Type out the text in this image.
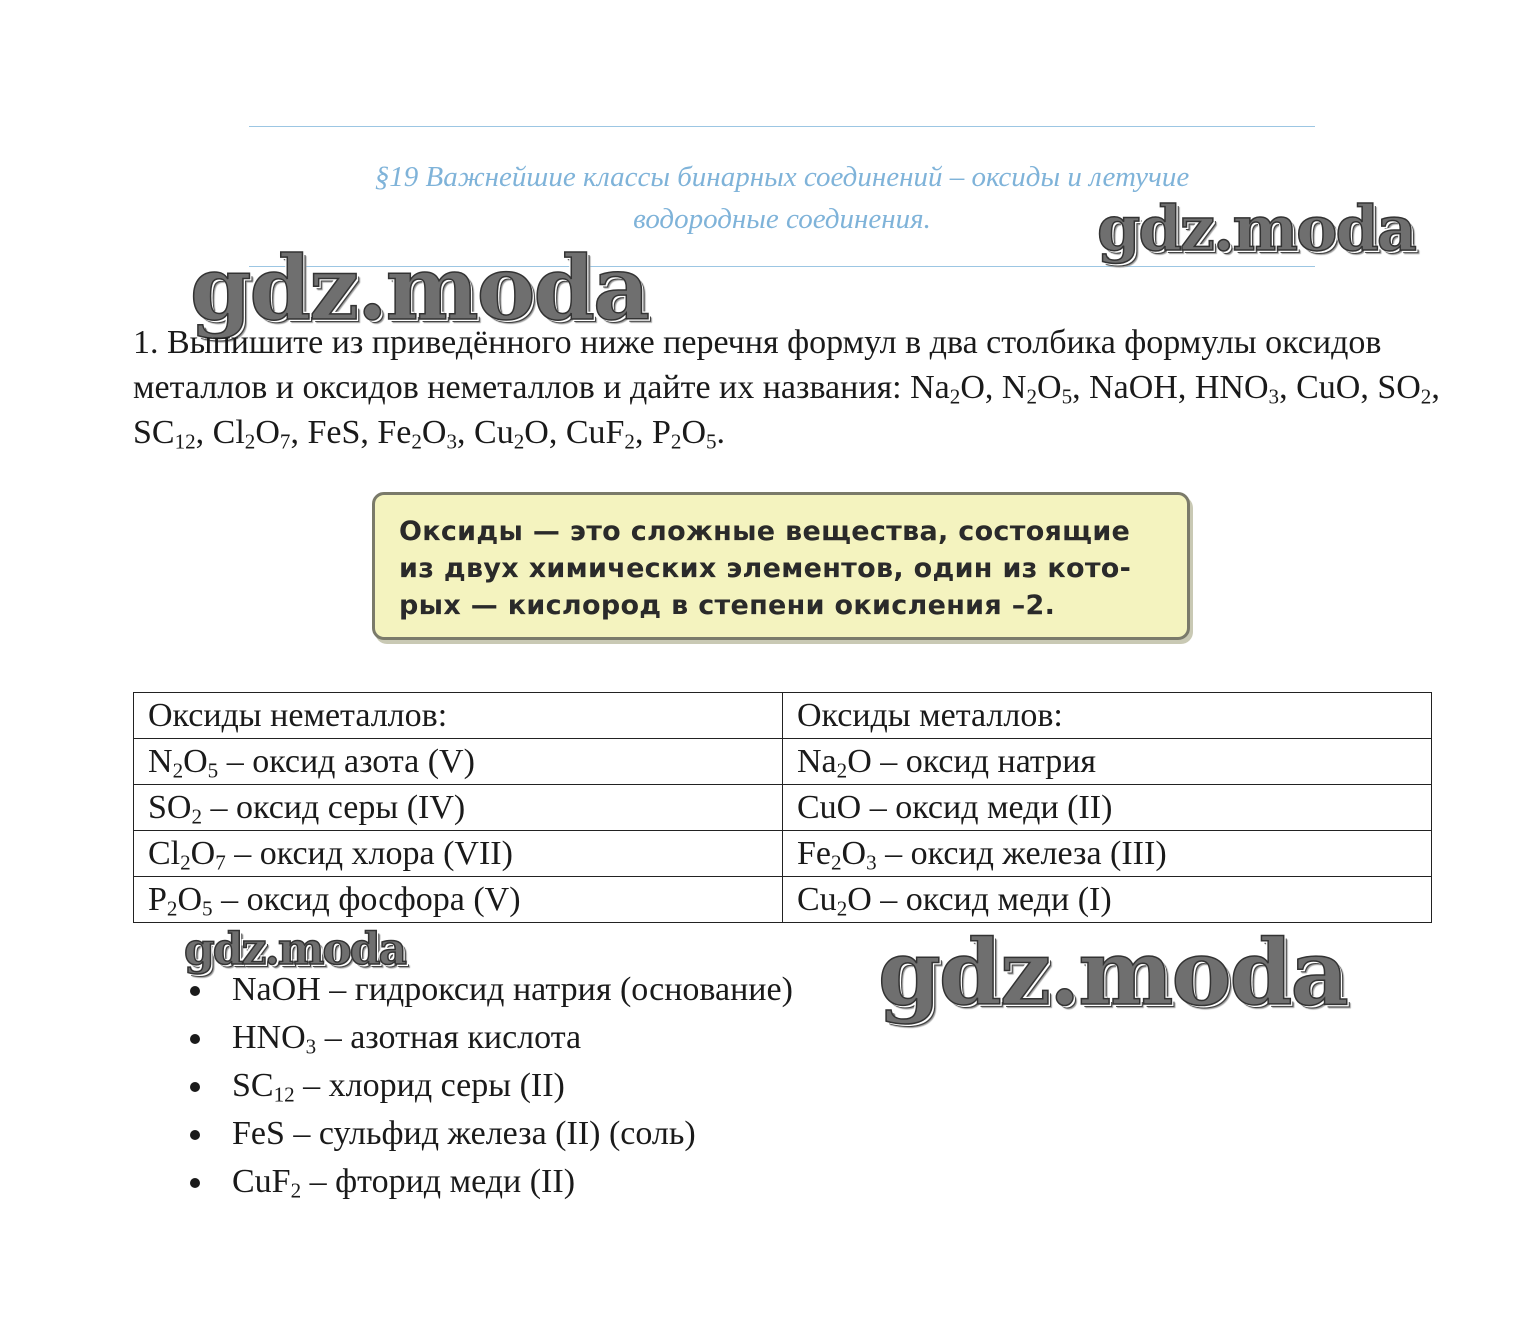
§19 Важнейшие классы бинарных соединений – оксиды и летучие
водородные соединения.
gdz.moda
gdz.moda
1. Выпишите из приведённого ниже перечня формул в два столбика формулы оксидов металлов и оксидов неметаллов и дайте их названия: $Na_2O$, $N_2O_5$, NaOH, $HNO_3$, CuO, $SO_2$, $SC_{12}$, $Cl_2O_7$, FeS, $Fe_2O_3$, $Cu_2O$, CuF$_2$, $P_2O_5$.
Оксиды — это сложные вещества, состоящие
из двух химических элементов, один из кото-
рых — кислород в степени окисления –2.
Оксиды неметаллов:	Оксиды металлов:
$N_2O_5$ – оксид азота (V)	$Na_2O$ – оксид натрия
$SO_2$ – оксид серы (IV)	CuO – оксид меди (II)
$Cl_2O_7$ – оксид хлора (VII)	$Fe_2O_3$ – оксид железа (III)
$P_2O_5$ – оксид фосфора (V)	$Cu_2O$ – оксид меди (I)
gdz.moda
NaOH – гидроксид натрия (основание)
$HNO_3$ – азотная кислота
$SC_{12}$ – хлорид серы (II)
FeS – сульфид железа (II) (соль)
CuF$_2$ – фторид меди (II)
gdz.moda
